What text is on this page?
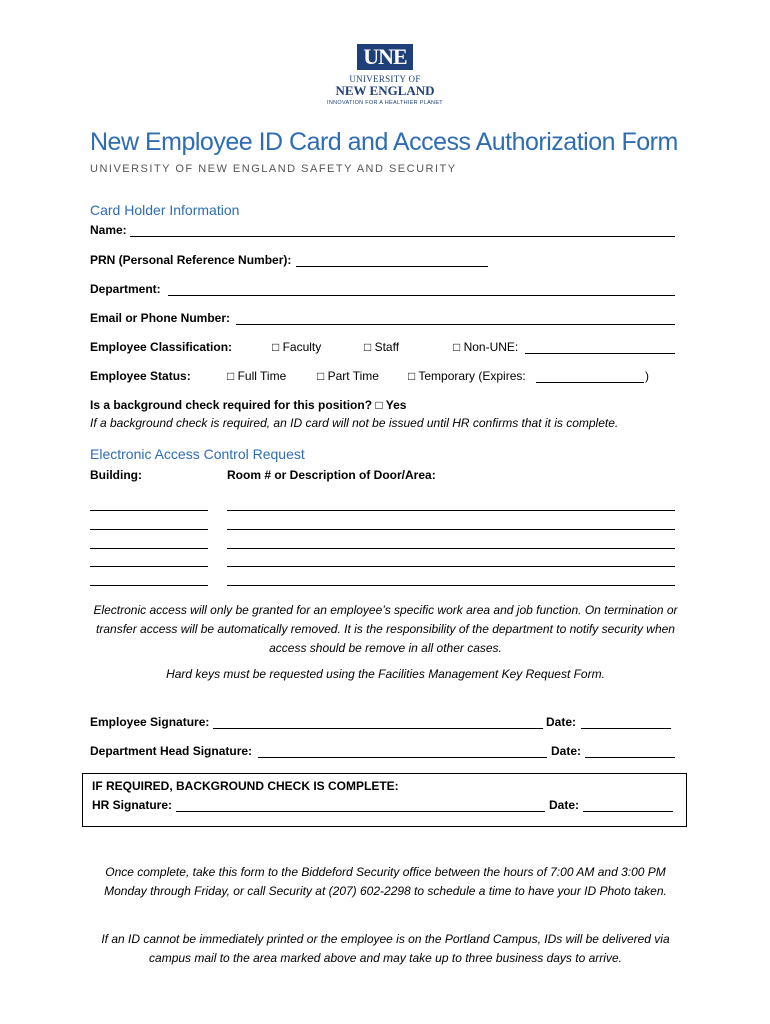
UNE
UNIVERSITY OF
NEW ENGLAND
INNOVATION FOR A HEALTHIER PLANET
New Employee ID Card and Access Authorization Form
UNIVERSITY OF NEW ENGLAND SAFETY AND SECURITY
Card Holder Information
Name:
PRN (Personal Reference Number):
Department:
Email or Phone Number:
Employee Classification:	□ Faculty	□ Staff	□ Non-UNE:
Employee Status:	□ Full Time	□ Part Time □ Temporary (Expires:	)
Is a background check required for this position? □ Yes
If a background check is required, an ID card will not be issued until HR confirms that it is complete.
Electronic Access Control Request
Building:	Room # or Description of Door/Area:
Electronic access will only be granted for an employee’s specific work area and job function. On termination or transfer access will be automatically removed. It is the responsibility of the department to notify security when access should be remove in all other cases.
Hard keys must be requested using the Facilities Management Key Request Form.
Employee Signature:	Date:
Department Head Signature:	Date:
IF REQUIRED, BACKGROUND CHECK IS COMPLETE:
HR Signature:	Date:
Once complete, take this form to the Biddeford Security office between the hours of 7:00 AM and 3:00 PM Monday through Friday, or call Security at (207) 602-2298 to schedule a time to have your ID Photo taken.
If an ID cannot be immediately printed or the employee is on the Portland Campus, IDs will be delivered via campus mail to the area marked above and may take up to three business days to arrive.
